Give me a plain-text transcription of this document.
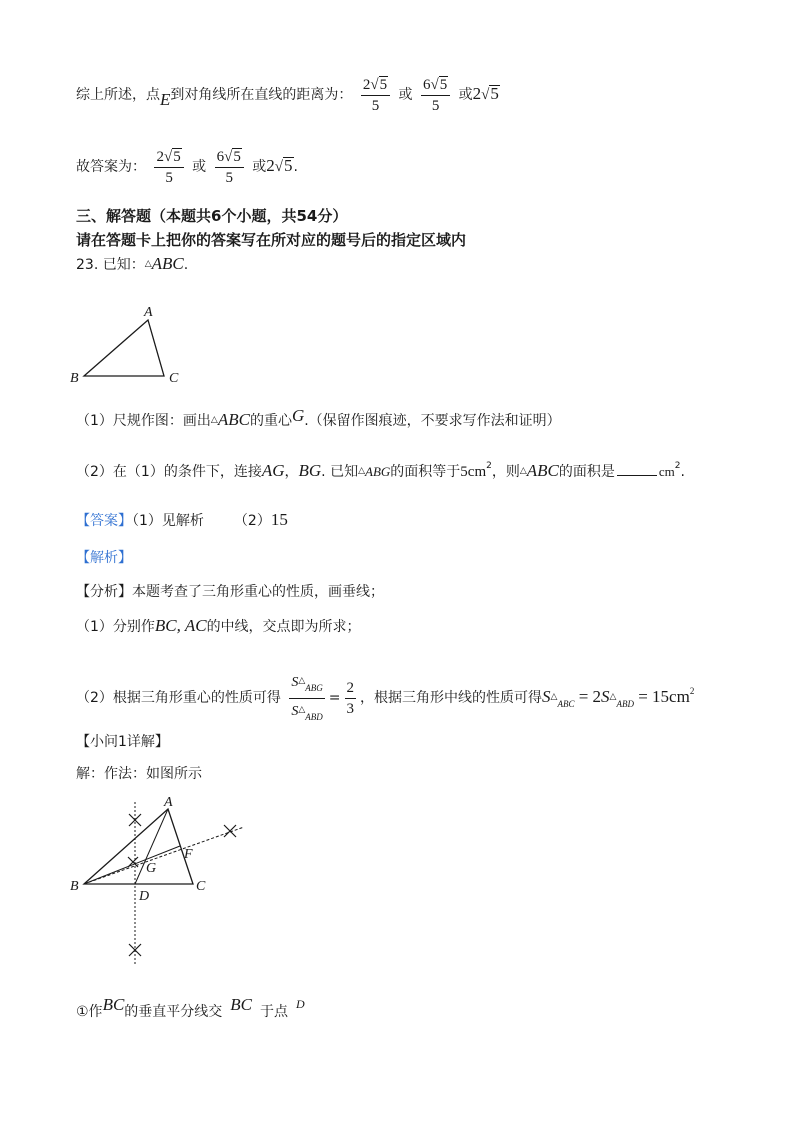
综上所述，点E到对角线所在直线的距离为： $\frac{2√5}{5}$ 或 $\frac{6√5}{5}$ 或2√5
故答案为： $\frac{2√5}{5}$ 或 $\frac{6√5}{5}$ 或2√5.
三、解答题（本题共6个小题，共54分）
请在答题卡上把你的答案写在所对应的题号后的指定区域内
23. 已知：△ABC.
A
B	C
（1）尺规作图：画出△ABC的重心G.（保留作图痕迹，不要求写作法和证明）
（2）在（1）的条件下，连接AG，BG. 已知△ABG的面积等于$5cm^2$，则△ABC的面积是	$cm^2$.
【答案】（1）见解析 （2）15
【解析】
【分析】本题考查了三角形重心的性质，画垂线；
（1）分别作BC, AC的中线，交点即为所求；
（2）根据三角形重心的性质可得 $\frac{S^\triangle_{ABG}}{S^\triangle_{ABD}} = \frac{2}{3}$ ，根据三角形中线的性质可得$S\triangle_{ABC}$ = $2S\triangle_{ABD} = 15cm^2$
【小问1详解】
解：作法：如图所示
A
B	C
D
F
G
①作BC的垂直平分线交 BC 于点 D
